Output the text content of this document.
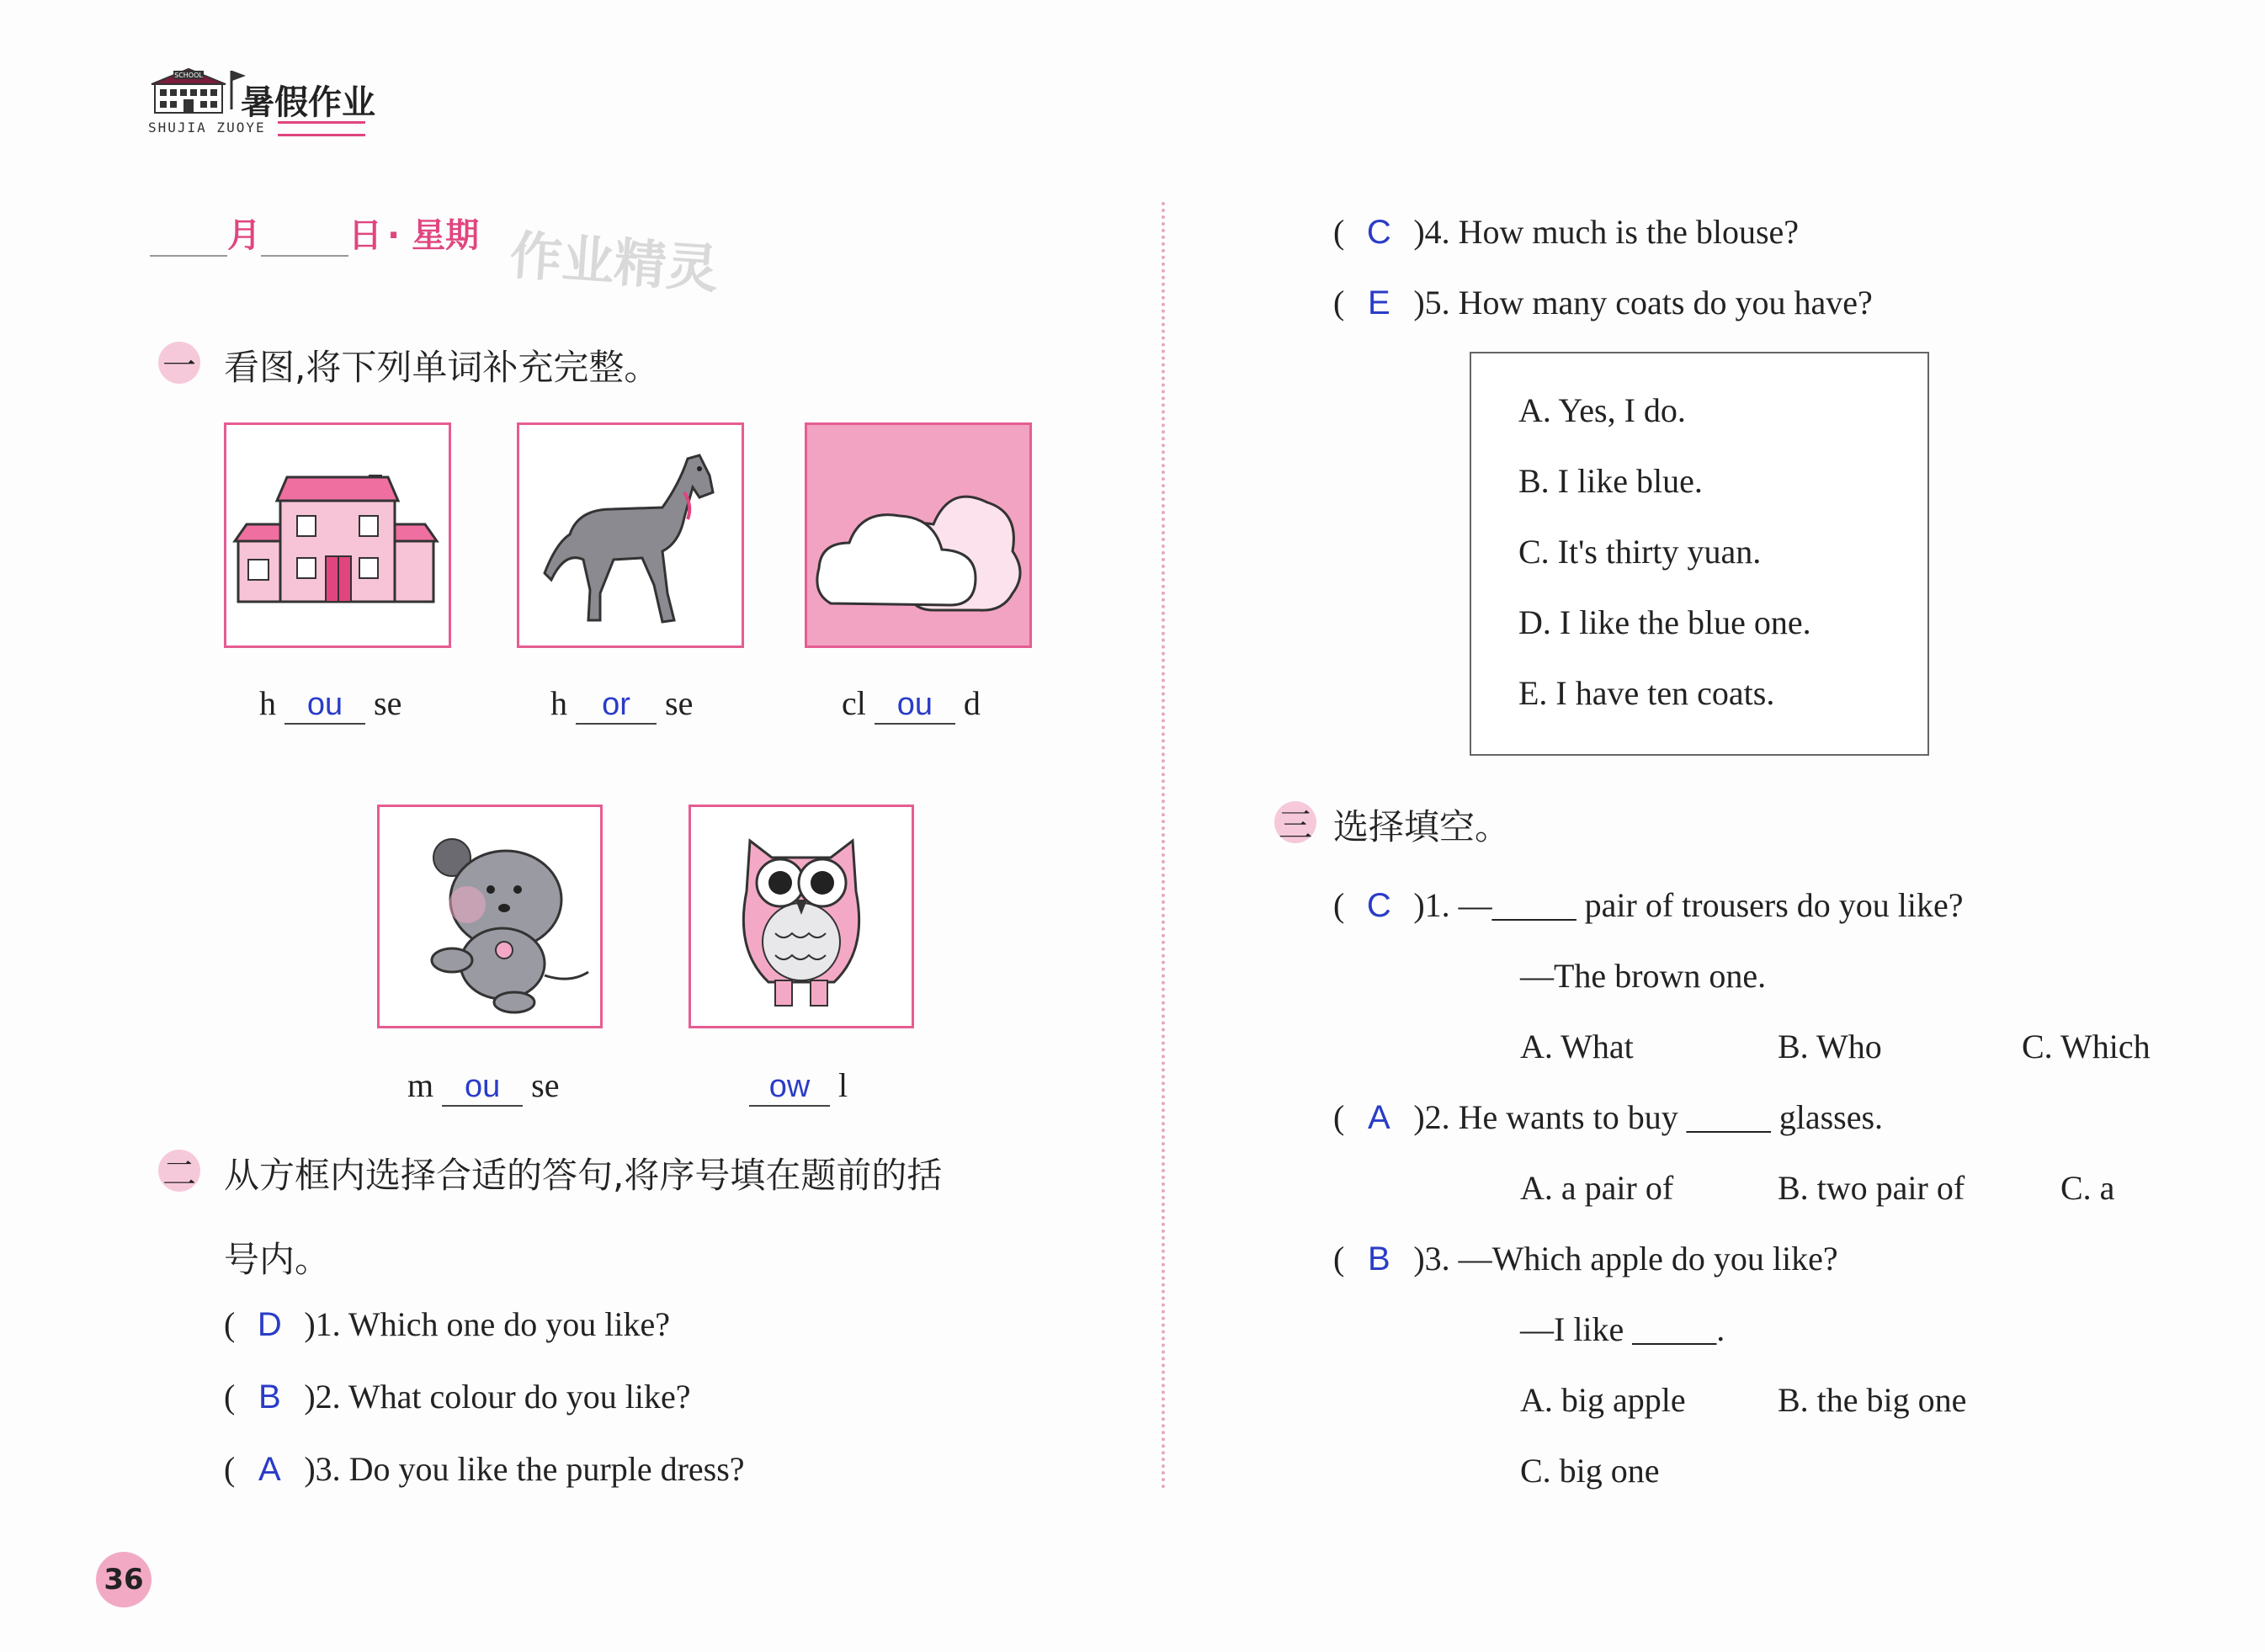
SCHOOL
暑假作业
SHUJIA ZUOYE
月	日 · 星期 作业精灵
一 看图,将下列单词补充完整。
h ou se	h or se	cl ou d
m ou se	ow l
二 从方框内选择合适的答句,将序号填在题前的括
号内。
( D )1. Which one do you like?
( B )2. What colour do you like?
( A )3. Do you like the purple dress?
36
( C )4. How much is the blouse?
( E )5. How many coats do you have?
A. Yes, I do.
B. I like blue.
C. It's thirty yuan.
D. I like the blue one.
E. I have ten coats.
三 选择填空。
( C )1. —_____ pair of trousers do you like?
—The brown one.
A. What	B. Who	C. Which
( A )2. He wants to buy _____ glasses.
A. a pair of	B. two pair of	C. a
( B )3. —Which apple do you like?
—I like _____.
A. big apple	B. the big one
C. big one
